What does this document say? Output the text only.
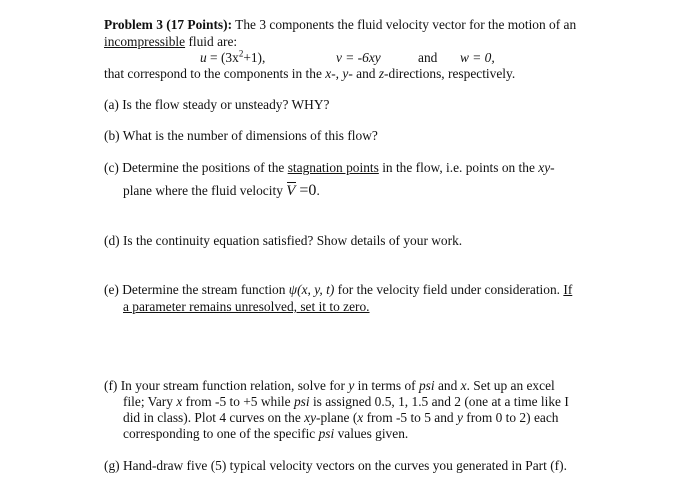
Problem 3 (17 Points): The 3 components the fluid velocity vector for the motion of an
incompressible fluid are:
$u = (3x^2+1)$,	v = -6xy	and w = 0,
that correspond to the components in the x-, y- and z-directions, respectively.
(a) Is the flow steady or unsteady? WHY?
(b) What is the number of dimensions of this flow?
(c) Determine the positions of the stagnation points in the flow, i.e. points on the xy-
plane where the fluid velocity
V =0.
(d) Is the continuity equation satisfied? Show details of your work.
(e) Determine the stream function ψ(x, y, t) for the velocity field under consideration. If
a parameter remains unresolved, set it to zero.
(f) In your stream function relation, solve for y in terms of psi and x. Set up an excel
file; Vary x from -5 to +5 while psi is assigned 0.5, 1, 1.5 and 2 (one at a time like I
did in class). Plot 4 curves on the xy-plane (x from -5 to 5 and y from 0 to 2) each
corresponding to one of the specific psi values given.
(g) Hand-draw five (5) typical velocity vectors on the curves you generated in Part (f).
